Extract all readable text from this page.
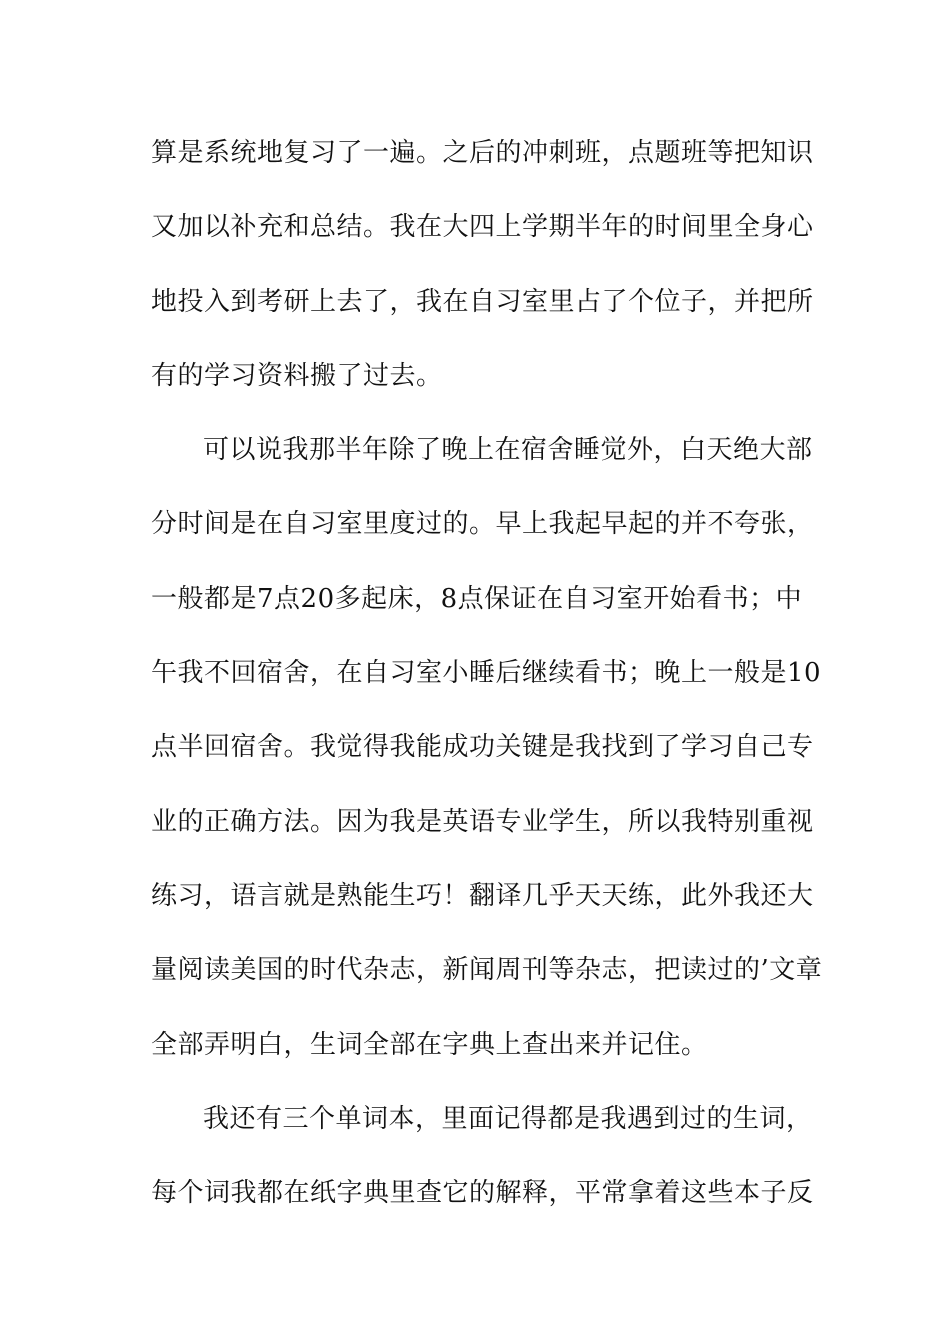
算是系统地复习了一遍。之后的冲刺班，点题班等把知识
又加以补充和总结。我在大四上学期半年的时间里全身心
地投入到考研上去了，我在自习室里占了个位子，并把所
有的学习资料搬了过去。
可以说我那半年除了晚上在宿舍睡觉外，白天绝大部
分时间是在自习室里度过的。早上我起早起的并不夸张，
一般都是7点20多起床，8点保证在自习室开始看书；中
午我不回宿舍，在自习室小睡后继续看书；晚上一般是10
点半回宿舍。我觉得我能成功关键是我找到了学习自己专
业的正确方法。因为我是英语专业学生，所以我特别重视
练习，语言就是熟能生巧！翻译几乎天天练，此外我还大
量阅读美国的时代杂志，新闻周刊等杂志，把读过的’文章
全部弄明白，生词全部在字典上查出来并记住。
我还有三个单词本，里面记得都是我遇到过的生词，
每个词我都在纸字典里查它的解释，平常拿着这些本子反
